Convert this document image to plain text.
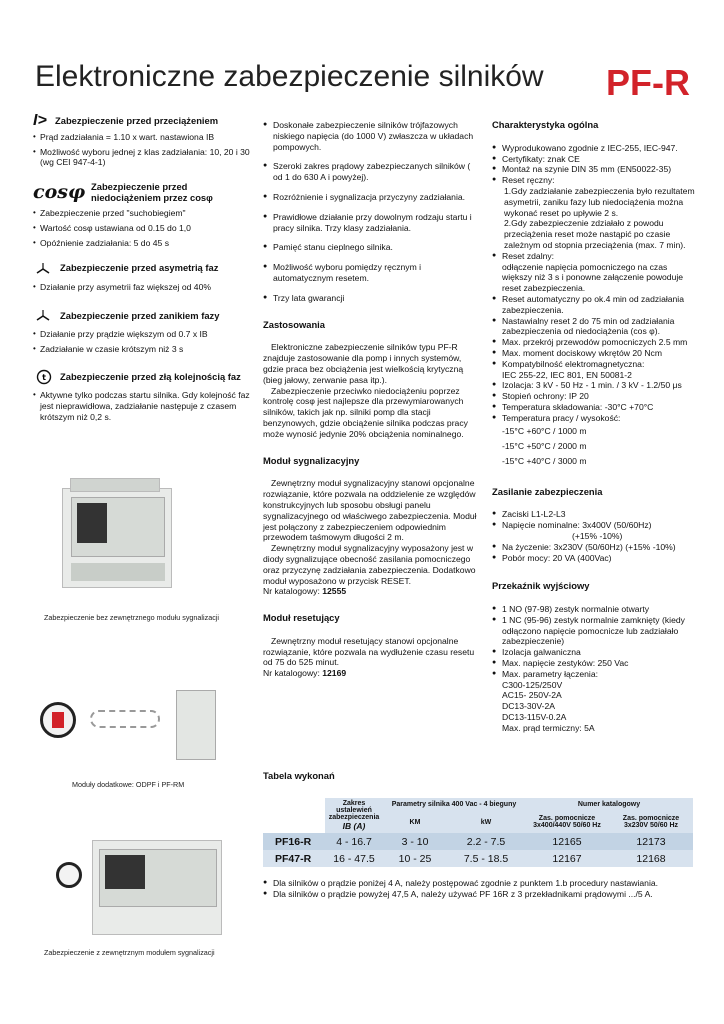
Elektroniczne zabezpieczenie silników PF-R
I> Zabezpieczenie przed przeciążeniem
• Prąd zadziałania = 1.10 x wart. nastawiona IB
• Możliwość wyboru jednej z klas zadziałania: 10, 20 i 30 (wg CEI 947-4-1)
cosφ Zabezpieczenie przed niedociążeniem przez cosφ
• Zabezpieczenie przed "suchobiegiem"
• Wartość cosφ ustawiana od 0.15 do 1,0
• Opóźnienie zadziałania: 5 do 45 s
Zabezpieczenie przed asymetrią faz
• Działanie przy asymetrii faz większej od 40%
Zabezpieczenie przed zanikiem fazy
• Działanie przy prądzie większym od 0.7 x IB
• Zadziałanie w czasie krótszym niż 3 s
t Zabezpieczenie przed złą kolejnością faz
• Aktywne tylko podczas startu silnika. Gdy kolejność faz jest nieprawidłowa, zadziałanie następuje z czasem krótszym niż 0,2 s.
Zabezpieczenie bez zewnętrznego modułu sygnalizacji
Moduły dodatkowe: ODPF i PF-RM
Zabezpieczenie z zewnętrznym modułem sygnalizacji
● Doskonałe zabezpieczenie silników trójfazowych niskiego napięcia (do 1000 V) zwłaszcza w układach pompowych.
● Szeroki zakres prądowy zabezpieczanych silników ( od 1 do 630 A i powyżej).
● Rozróżnienie i sygnalizacja przyczyny zadziałania.
● Prawidłowe działanie przy dowolnym rodzaju startu i pracy silnika. Trzy klasy zadziałania.
● Pamięć stanu cieplnego silnika.
● Możliwość wyboru pomiędzy ręcznym i automatycznym resetem.
● Trzy lata gwarancji
Zastosowania
Elektroniczne zabezpieczenie silników typu PF-R znajduje zastosowanie dla pomp i innych systemów, gdzie praca bez obciążenia jest wielkością krytyczną (bieg jałowy, zerwanie pasa itp.).
Zabezpieczenie przeciwko niedociążeniu poprzez kontrolę cosφ jest najlepsze dla przewymiarowanych silników, takich jak np. silniki pomp dla stacji benzynowych, gdzie obciążenie silnika podczas pracy może wynosić jedynie 20% obciążenia nominalnego.
Moduł sygnalizacyjny
Zewnętrzny moduł sygnalizacyjny stanowi opcjonalne rozwiązanie, które pozwala na oddzielenie ze względów konstrukcyjnych lub sposobu obsługi panelu sygnalizacyjnego od właściwego zabezpieczenia. Moduł jest połączony z zabezpieczeniem odpowiednim przewodem taśmowym długości 2 m.
Zewnętrzny moduł sygnalizacyjny wyposażony jest w diody sygnalizujące obecność zasilania pomocniczego oraz przyczynę zadziałania zabezpieczenia. Dodatkowo moduł wyposażono w przycisk RESET.
Nr katalogowy: 12555
Moduł resetujący
Zewnętrzny moduł resetujący stanowi opcjonalne rozwiązanie, które pozwala na wydłużenie czasu resetu od 75 do 525 minut.
Nr katalogowy: 12169
Charakterystyka ogólna
● Wyprodukowano zgodnie z IEC-255, IEC-947.
● Certyfikaty: znak CE
● Montaż na szynie DIN 35 mm (EN50022-35)
● Reset ręczny:
1.Gdy zadziałanie zabezpieczenia było rezultatem asymetrii, zaniku fazy lub niedociążenia można wykonać reset po upływie 2 s.
2.Gdy zabezpieczenie zdziałało z powodu przeciążenia reset może nastąpić po czasie zależnym od stopnia przeciążenia (max. 7 min).
● Reset zdalny:
odłączenie napięcia pomocniczego na czas większy niż 3 s i ponowne załączenie powoduje reset zabezpieczenia.
● Reset automatyczny po ok.4 min od zadziałania zabezpieczenia.
● Nastawialny reset 2 do 75 min od zadziałania zabezpieczenia od niedociążenia (cos φ).
● Max. przekrój przewodów pomocniczych 2.5 mm
● Max. moment dociskowy wkrętów 20 Ncm
● Kompatybilność elektromagnetyczna:
IEC 255-22, IEC 801, EN 50081-2
● Izolacja: 3 kV - 50 Hz - 1 min. / 3 kV - 1.2/50 μs
● Stopień ochrony: IP 20
● Temperatura składowania: -30°C +70°C
● Temperatura pracy / wysokość:
-15°C +60°C / 1000 m
-15°C +50°C / 2000 m
-15°C +40°C / 3000 m
Zasilanie zabezpieczenia
● Zaciski L1-L2-L3
● Napięcie nominalne: 3x400V (50/60Hz)
(+15% -10%)
● Na życzenie: 3x230V (50/60Hz) (+15% -10%)
● Pobór mocy: 20 VA (400Vac)
Przekaźnik wyjściowy
● 1 NO (97-98) zestyk normalnie otwarty
● 1 NC (95-96) zestyk normalnie zamknięty (kiedy odłączono napięcie pomocnicze lub zadziałało zabezpieczenie)
● Izolacja galwaniczna
● Max. napięcie zestyków: 250 Vac
● Max. parametry łączenia:
C300-125/250V
AC15- 250V-2A
DC13-30V-2A
DC13-115V-0.2A
Max. prąd termiczny: 5A
Tabela wykonań
	Zakres ustalewień zabezpieczenia
IB (A)	Parametry silnika 400 Vac - 4 bieguny		Numer katalogowy	
		KM	kW	Zas. pomocnicze 3x400/440V 50/60 Hz	Zas. pomocnicze 3x230V 50/60 Hz
PF16-R	4 - 16.7	3 - 10	2.2 - 7.5	12165	12173
PF47-R	16 - 47.5	10 - 25	7.5 - 18.5	12167	12168
● Dla silników o prądzie poniżej 4 A, należy postępować zgodnie z punktem 1.b procedury nastawiania.
● Dla silników o prądzie powyżej 47,5 A, należy używać PF 16R z 3 przekładnikami prądowymi .../5 A.
